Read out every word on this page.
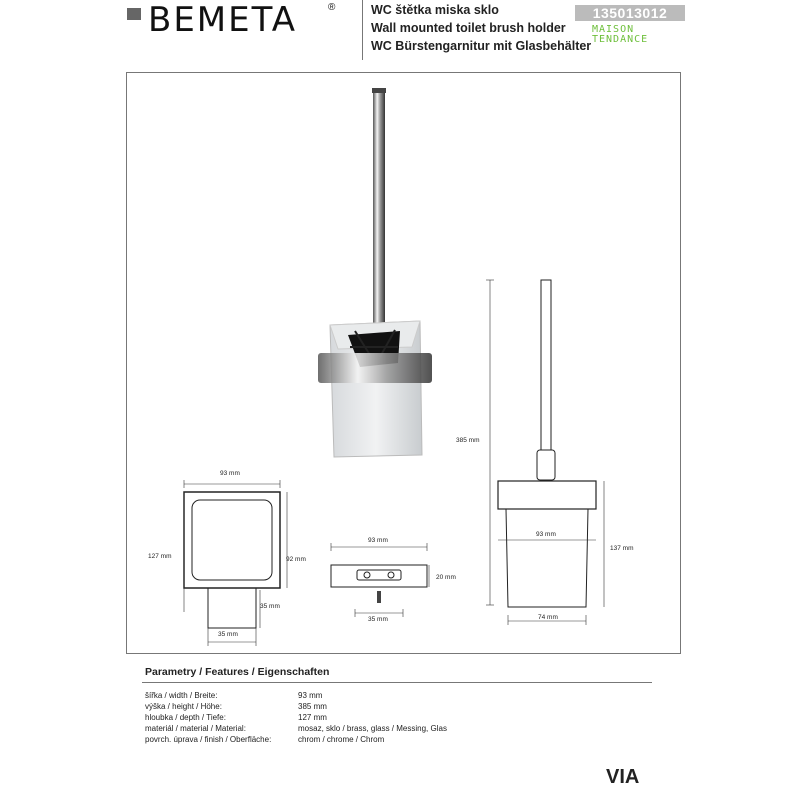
BEMETA	®	WC štětka miska sklo
Wall mounted toilet brush holder
WC Bürstengarnitur mit Glasbehälter
135013012
MAISON
TENDANCE
93 mm
127 mm	92 mm
35 mm
35 mm
93 mm
20 mm
35 mm
385 mm
93 mm
137 mm
74 mm
Parametry / Features / Eigenschaften
šířka / width / Breite:	93 mm
výška / height / Höhe:	385 mm
hloubka / depth / Tiefe:	127 mm
materiál / material / Material:	mosaz, sklo / brass, glass / Messing, Glas
povrch. úprava / finish / Oberfläche:	chrom / chrome / Chrom
VIA
